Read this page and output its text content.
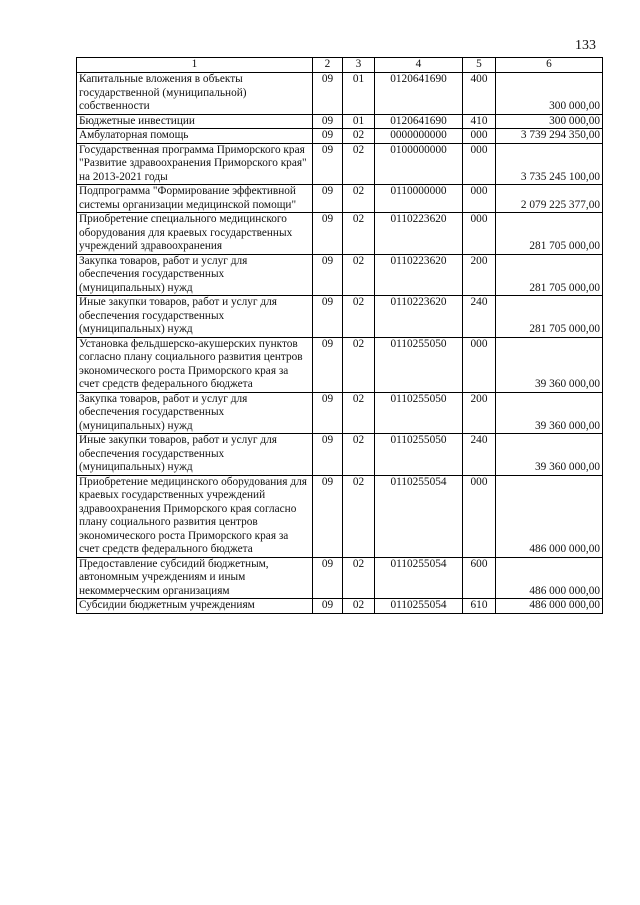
133
1	2	3	4	5	6
Капитальные вложения в объекты государственной (муниципальной) собственности	09	01	0120641690	400	300 000,00
Бюджетные инвестиции	09	01	0120641690	410	300 000,00
Амбулаторная помощь	09	02	0000000000	000	3 739 294 350,00
Государственная программа Приморского края "Развитие здравоохранения Приморского края" на 2013-2021 годы	09	02	0100000000	000	3 735 245 100,00
Подпрограмма "Формирование эффективной системы организации медицинской помощи"	09	02	0110000000	000	2 079 225 377,00
Приобретение специального медицинского оборудования для краевых государственных учреждений здравоохранения	09	02	0110223620	000	281 705 000,00
Закупка товаров, работ и услуг для обеспечения государственных (муниципальных) нужд	09	02	0110223620	200	281 705 000,00
Иные закупки товаров, работ и услуг для обеспечения государственных (муниципальных) нужд	09	02	0110223620	240	281 705 000,00
Установка фельдшерско-акушерских пунктов согласно плану социального развития центров экономического роста Приморского края за счет средств федерального бюджета	09	02	0110255050	000	39 360 000,00
Закупка товаров, работ и услуг для обеспечения государственных (муниципальных) нужд	09	02	0110255050	200	39 360 000,00
Иные закупки товаров, работ и услуг для обеспечения государственных (муниципальных) нужд	09	02	0110255050	240	39 360 000,00
Приобретение медицинского оборудования для краевых государственных учреждений здравоохранения Приморского края согласно плану социального развития центров экономического роста Приморского края за счет средств федерального бюджета	09	02	0110255054	000	486 000 000,00
Предоставление субсидий бюджетным, автономным учреждениям и иным некоммерческим организациям	09	02	0110255054	600	486 000 000,00
Субсидии бюджетным учреждениям	09	02	0110255054	610	486 000 000,00
